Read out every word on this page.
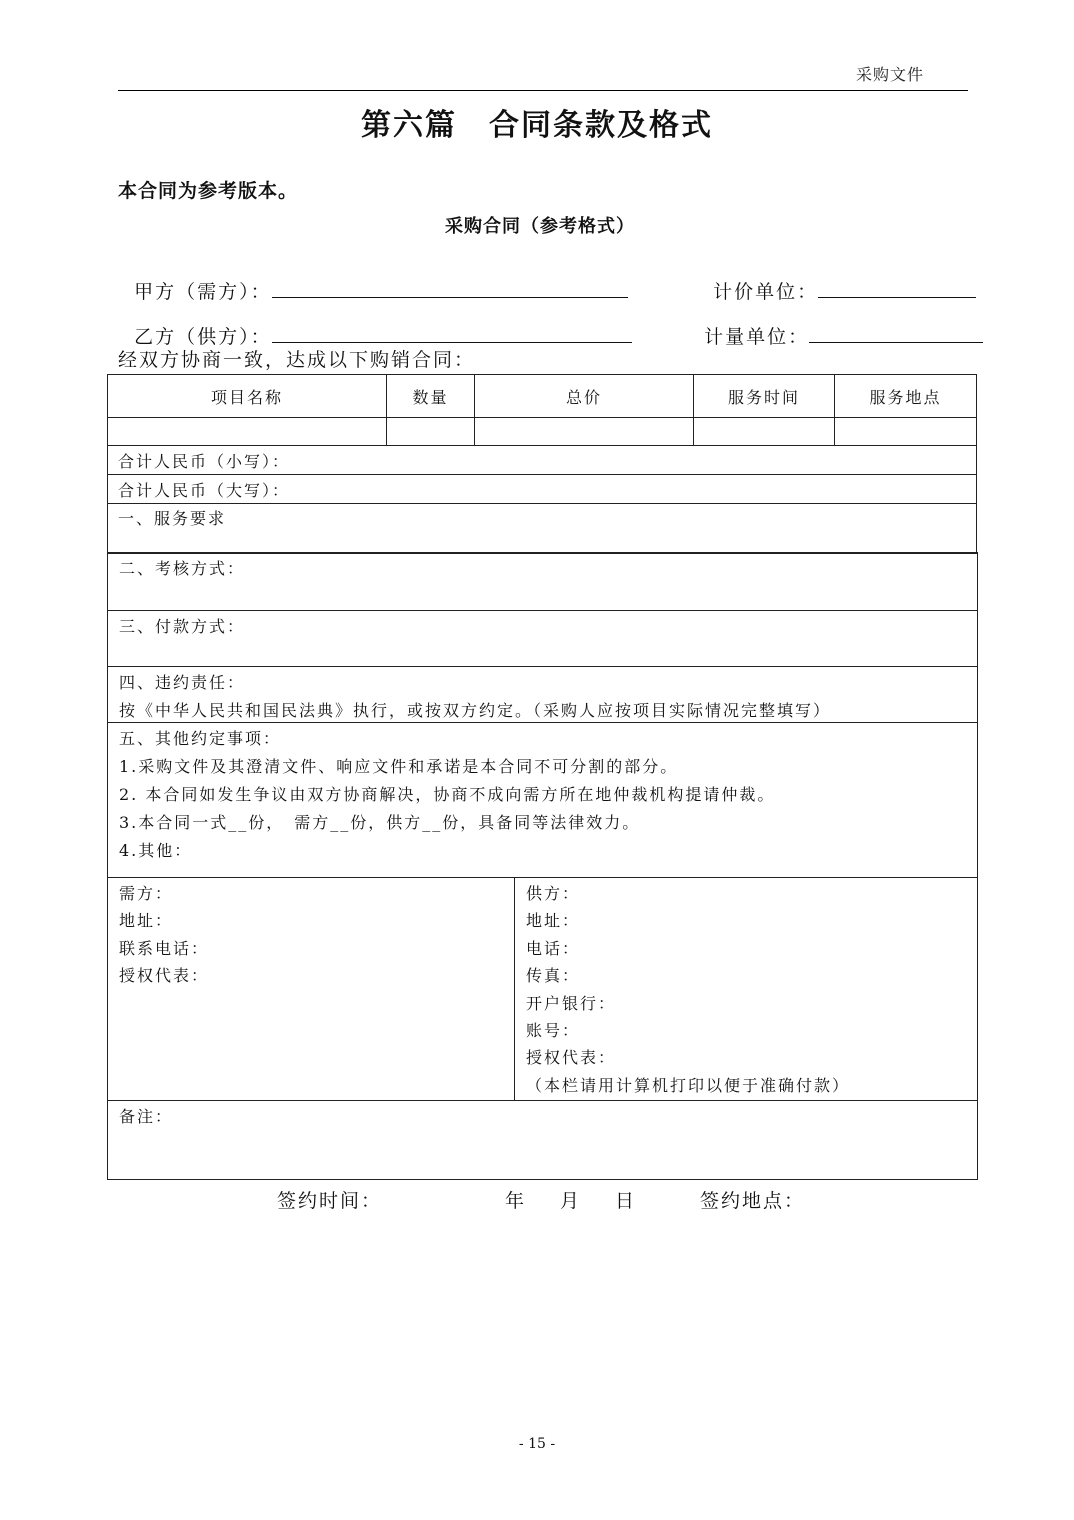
采购文件
第六篇　合同条款及格式
本合同为参考版本。
采购合同（参考格式）

甲方（需方）：	计价单位：

乙方（供方）：	计量单位：

经双方协商一致，达成以下购销合同：
项目名称	数量	总价	服务时间	服务地点

合计人民币（小写）：				
合计人民币（大写）：				
一、服务要求				
二、考核方式：
三、付款方式：
四、违约责任：
按《中华人民共和国民法典》执行，或按双方约定。（采购人应按项目实际情况完整填写）
五、其他约定事项：
1.采购文件及其澄清文件、响应文件和承诺是本合同不可分割的部分。
2. 本合同如发生争议由双方协商解决，协商不成向需方所在地仲裁机构提请仲裁。
3.本合同一式__份，　需方__份，供方__份，具备同等法律效力。
4.其他：
需方：
地址：
联系电话：
授权代表：
供方：
地址：
电话：
传真：
开户银行：
账号：
授权代表：
（本栏请用计算机打印以便于准确付款）
备注：
签约时间：	年 月 日	签约地点：
- 15 -
